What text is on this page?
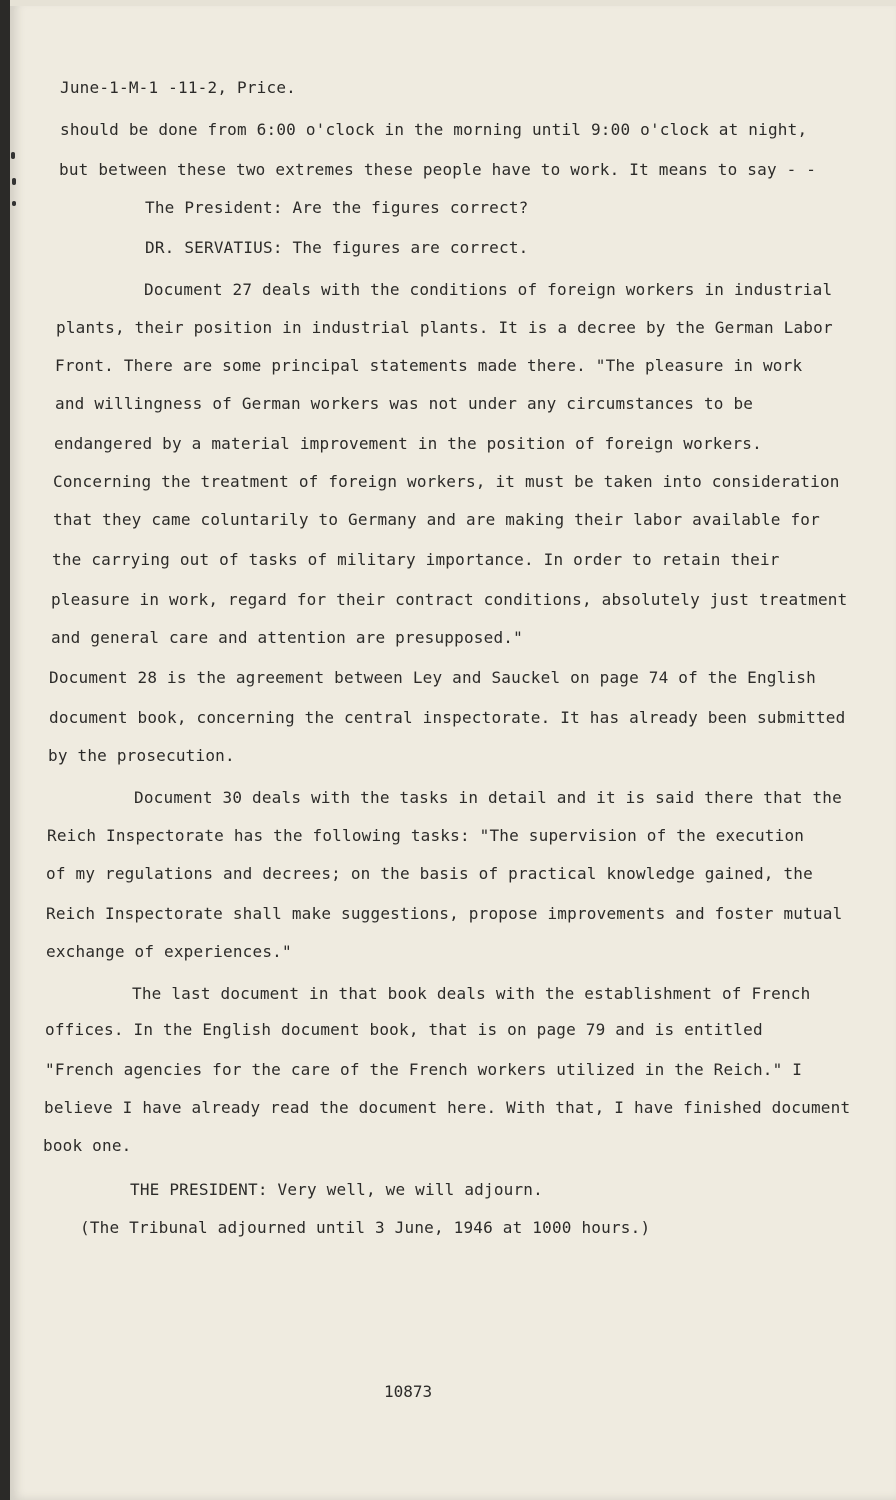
June-1-M-1 -11-2, Price.
should be done from 6:00 o'clock in the morning until 9:00 o'clock at night,
but between these two extremes these people have to work. It means to say - -
The President: Are the figures correct?
DR. SERVATIUS: The figures are correct.
Document 27 deals with the conditions of foreign workers in industrial
plants, their position in industrial plants. It is a decree by the German Labor
Front. There are some principal statements made there. "The pleasure in work
and willingness of German workers was not under any circumstances to be
endangered by a material improvement in the position of foreign workers.
Concerning the treatment of foreign workers, it must be taken into consideration
that they came coluntarily to Germany and are making their labor available for
the carrying out of tasks of military importance. In order to retain their
pleasure in work, regard for their contract conditions, absolutely just treatment
and general care and attention are presupposed."
Document 28 is the agreement between Ley and Sauckel on page 74 of the English
document book, concerning the central inspectorate. It has already been submitted
by the prosecution.
Document 30 deals with the tasks in detail and it is said there that the
Reich Inspectorate has the following tasks: "The supervision of the execution
of my regulations and decrees; on the basis of practical knowledge gained, the
Reich Inspectorate shall make suggestions, propose improvements and foster mutual
exchange of experiences."
The last document in that book deals with the establishment of French
offices. In the English document book, that is on page 79 and is entitled
"French agencies for the care of the French workers utilized in the Reich." I
believe I have already read the document here. With that, I have finished document
book one.
THE PRESIDENT: Very well, we will adjourn.
(The Tribunal adjourned until 3 June, 1946 at 1000 hours.)
10873
